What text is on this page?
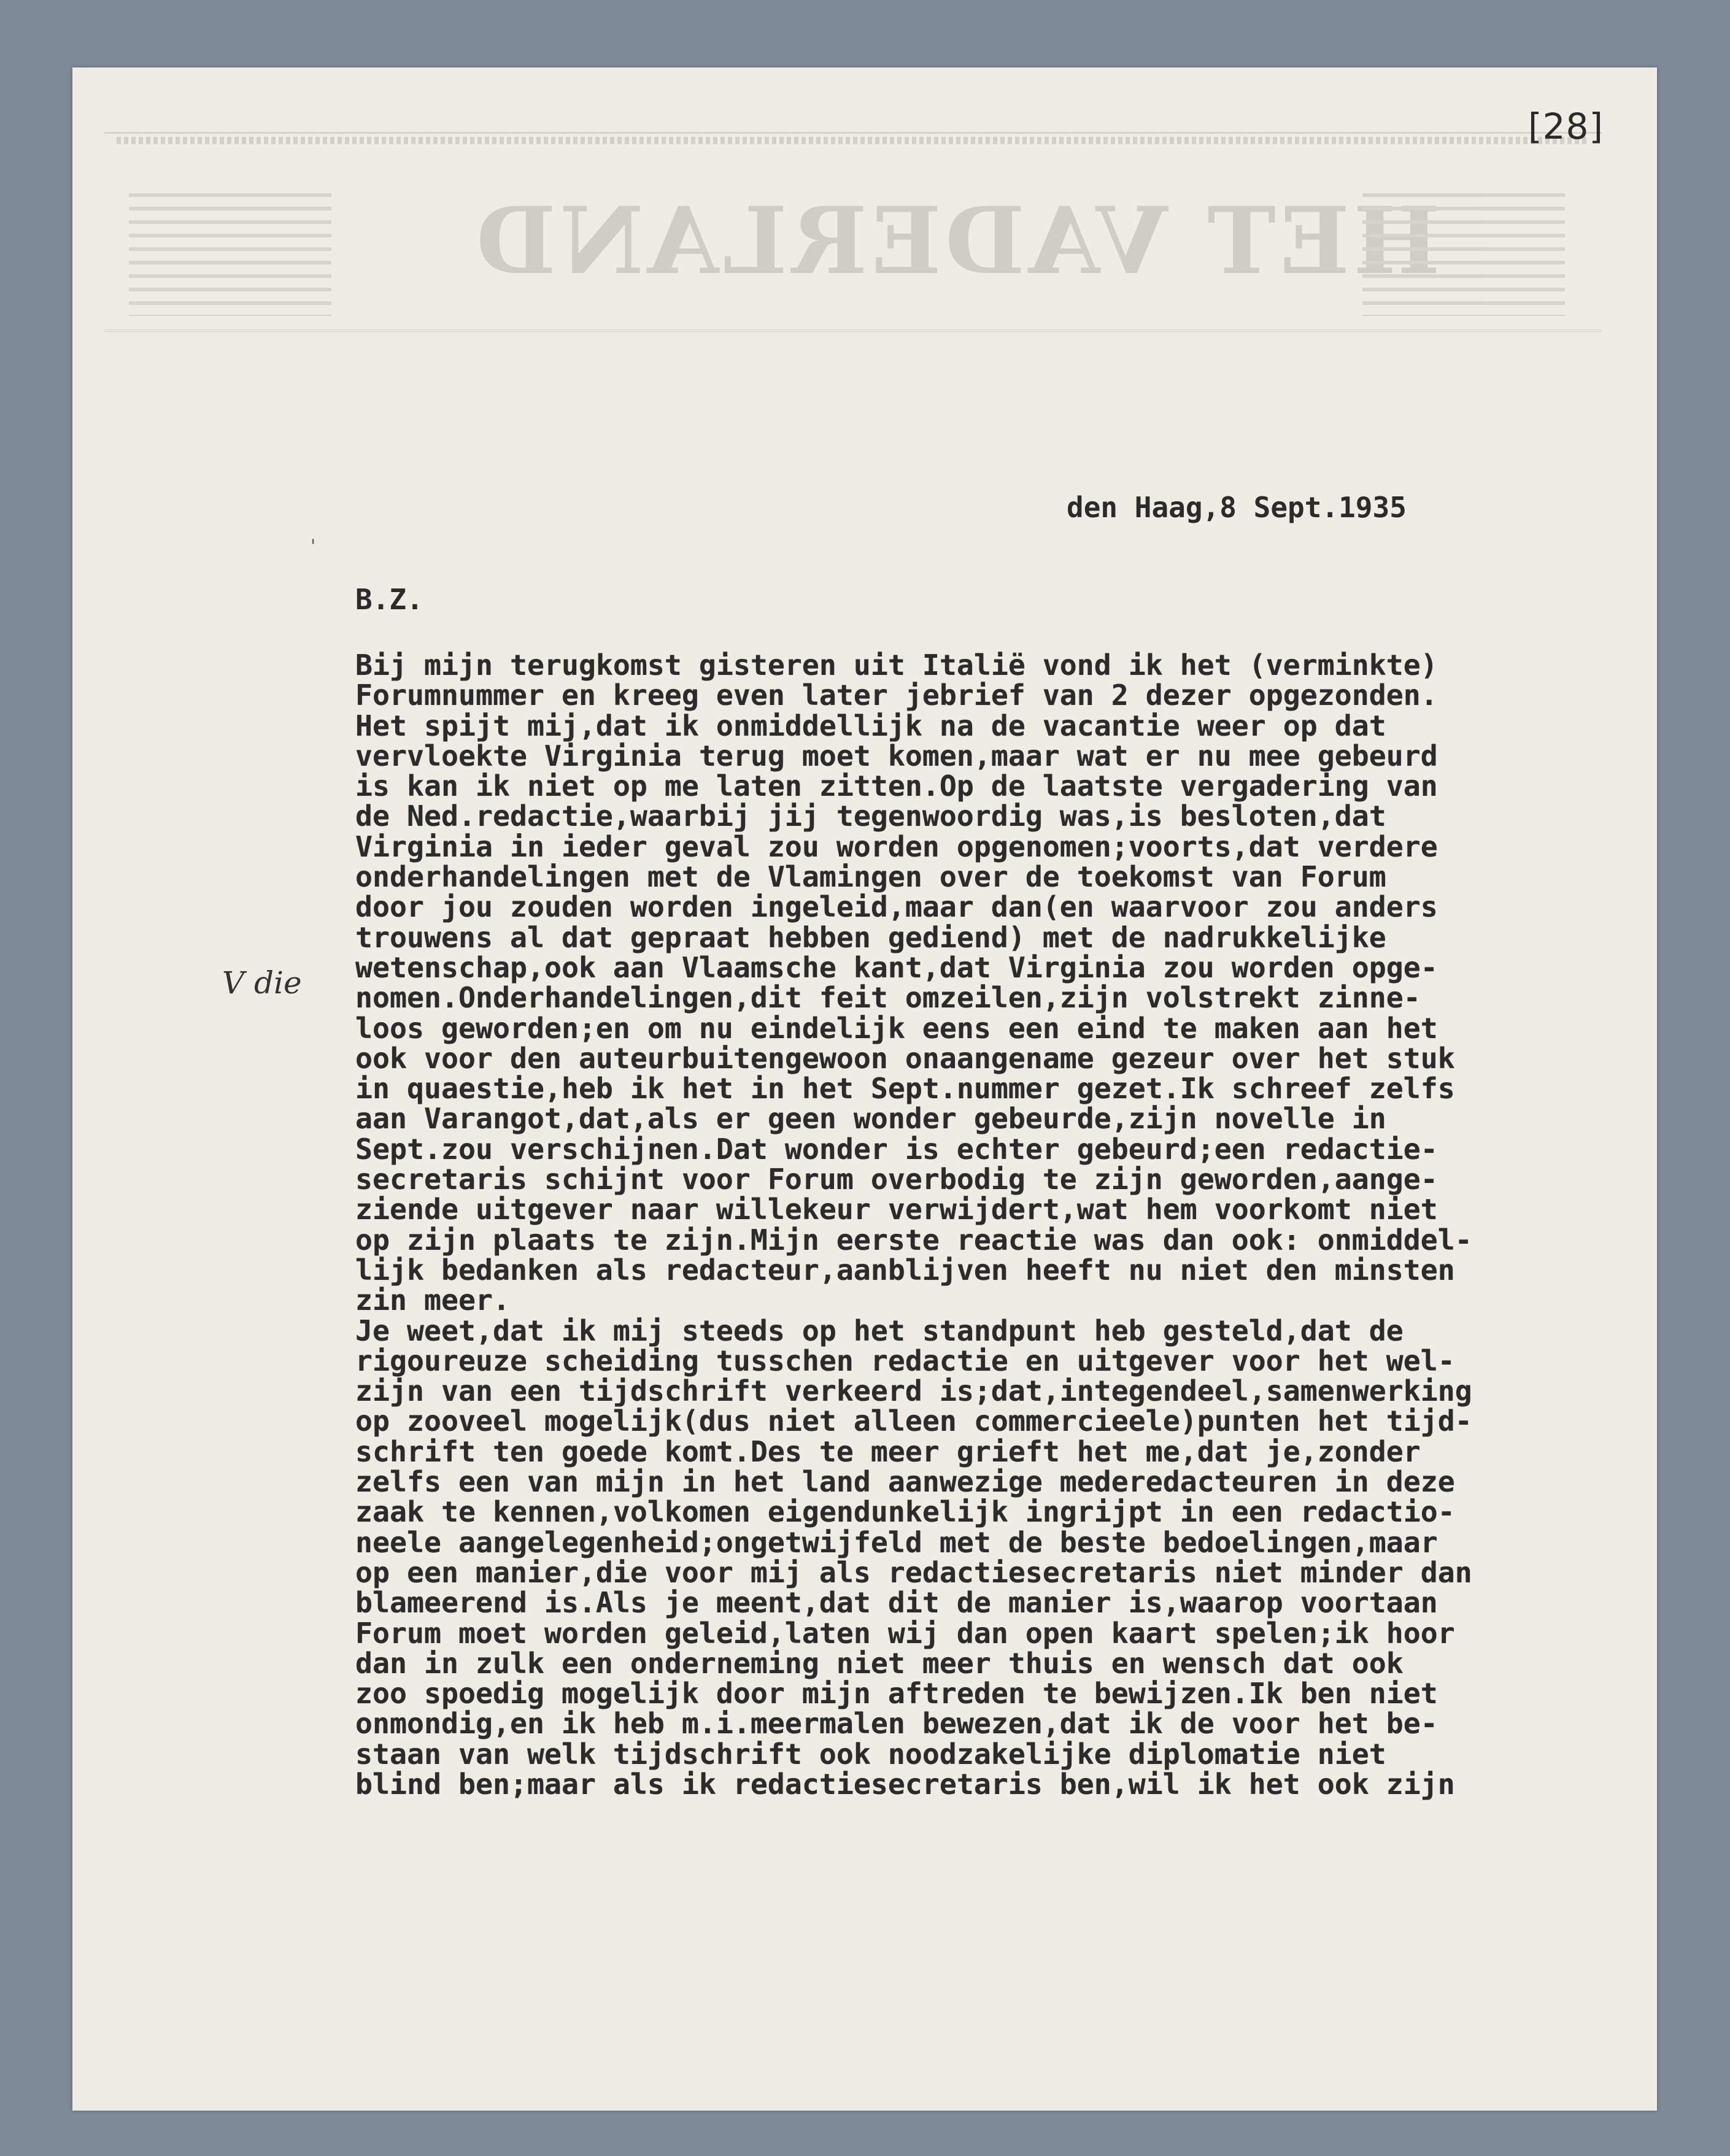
HET VADERLAND
[28]
den Haag,8 Sept.1935
B.Z.
'
V die
Bij mijn terugkomst gisteren uit Italië vond ik het (verminkte)
Forumnummer en kreeg even later jebrief van 2 dezer opgezonden.
Het spijt mij,dat ik onmiddellijk na de vacantie weer op dat
vervloekte Virginia terug moet komen,maar wat er nu mee gebeurd
is kan ik niet op me laten zitten.Op de laatste vergadering van
de Ned.redactie,waarbij jij tegenwoordig was,is besloten,dat
Virginia in ieder geval zou worden opgenomen;voorts,dat verdere
onderhandelingen met de Vlamingen over de toekomst van Forum
door jou zouden worden ingeleid,maar dan(en waarvoor zou anders
trouwens al dat gepraat hebben gediend) met de nadrukkelijke
wetenschap,ook aan Vlaamsche kant,dat Virginia zou worden opge-
nomen.Onderhandelingen,dit feit omzeilen,zijn volstrekt zinne-
loos geworden;en om nu eindelijk eens een eind te maken aan het
ook voor den auteurbuitengewoon onaangename gezeur over het stuk
in quaestie,heb ik het in het Sept.nummer gezet.Ik schreef zelfs
aan Varangot,dat,als er geen wonder gebeurde,zijn novelle in
Sept.zou verschijnen.Dat wonder is echter gebeurd;een redactie-
secretaris schijnt voor Forum overbodig te zijn geworden,aange-
ziende uitgever naar willekeur verwijdert,wat hem voorkomt niet
op zijn plaats te zijn.Mijn eerste reactie was dan ook: onmiddel-
lijk bedanken als redacteur,aanblijven heeft nu niet den minsten
zin meer.
Je weet,dat ik mij steeds op het standpunt heb gesteld,dat de
rigoureuze scheiding tusschen redactie en uitgever voor het wel-
zijn van een tijdschrift verkeerd is;dat,integendeel,samenwerking
op zooveel mogelijk(dus niet alleen commercieele)punten het tijd-
schrift ten goede komt.Des te meer grieft het me,dat je,zonder
zelfs een van mijn in het land aanwezige mederedacteuren in deze
zaak te kennen,volkomen eigendunkelijk ingrijpt in een redactio-
neele aangelegenheid;ongetwijfeld met de beste bedoelingen,maar
op een manier,die voor mij als redactiesecretaris niet minder dan
blameerend is.Als je meent,dat dit de manier is,waarop voortaan
Forum moet worden geleid,laten wij dan open kaart spelen;ik hoor
dan in zulk een onderneming niet meer thuis en wensch dat ook
zoo spoedig mogelijk door mijn aftreden te bewijzen.Ik ben niet
onmondig,en ik heb m.i.meermalen bewezen,dat ik de voor het be-
staan van welk tijdschrift ook noodzakelijke diplomatie niet
blind ben;maar als ik redactiesecretaris ben,wil ik het ook zijn
